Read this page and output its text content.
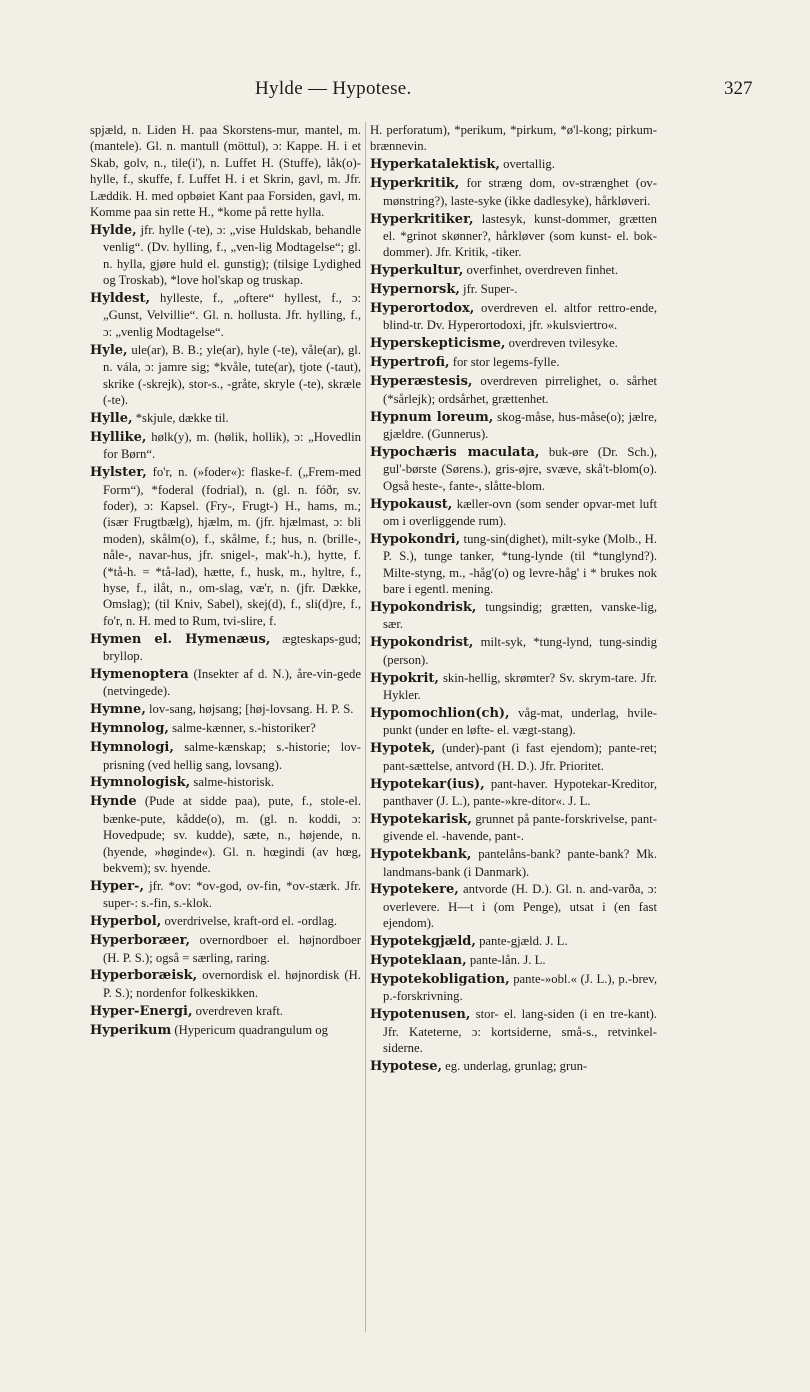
Hylde — Hypotese.	327

spjæld, n. Liden H. paa Skorstens-mur, mantel, m. (mantele). Gl. n. mantull (möttul), ɔ: Kappe. H. i et Skab, golv, n., tile(i'), n. Luffet H. (Stuffe), låk(o)-hylle, f., skuffe, f. Luffet H. i et Skrin, gavl, m. Jfr. Læddik. H. med opbøiet Kant paa Forsiden, gavl, m. Komme paa sin rette H., *kome på rette hylla.

Hylde, jfr. hylle (-te), ɔ: „vise Huldskab, behandle venlig“. (Dv. hylling, f., „ven-lig Modtagelse“; gl. n. hylla, gjøre huld el. gunstig); (tilsige Lydighed og Troskab), *love hol'skap og truskap.

Hyldest, hylleste, f., „oftere“ hyllest, f., ɔ: „Gunst, Velvillie“. Gl. n. hollusta. Jfr. hylling, f., ɔ: „venlig Modtagelse“.

Hyle, ule(ar), B. B.; yle(ar), hyle (-te), våle(ar), gl. n. vála, ɔ: jamre sig; *kvåle, tute(ar), tjote (-taut), skrike (-skrejk), stor-s., -gråte, skryle (-te), skræle (-te).

Hylle, *skjule, dække til.

Hyllike, hølk(y), m. (hølik, hollik), ɔ: „Hovedlin for Børn“.

Hylster, fo'r, n. (»foder«): flaske-f. („Frem-med Form“), *foderal (fodrial), n. (gl. n. fóðr, sv. foder), ɔ: Kapsel. (Fry-, Frugt-) H., hams, m.; (især Frugtbælg), hjælm, m. (jfr. hjælmast, ɔ: bli moden), skålm(o), f., skålme, f.; hus, n. (brille-, nåle-, navar-hus, jfr. snigel-, mak'-h.), hytte, f. (*tå-h. = *tå-lad), hætte, f., husk, m., hyltre, f., hyse, f., ilåt, n., om-slag, væ'r, n. (jfr. Dække, Omslag); (til Kniv, Sabel), skej(d), f., sli(d)re, f., fo'r, n. H. med to Rum, tvi-slire, f.

Hymen el. Hymenæus, ægteskaps-gud; bryllop.

Hymenoptera (Insekter af d. N.), åre-vin-gede (netvingede).

Hymne, lov-sang, højsang; [høj-lovsang. H. P. S.

Hymnolog, salme-kænner, s.-historiker?

Hymnologi, salme-kænskap; s.-historie; lov-prisning (ved hellig sang, lovsang).

Hymnologisk, salme-historisk.

Hynde (Pude at sidde paa), pute, f., stole-el. bænke-pute, kådde(o), m. (gl. n. koddi, ɔ: Hovedpude; sv. kudde), sæte, n., højende, n. (hyende, »høginde«). Gl. n. hœgindi (av hœg, bekvem); sv. hyende.

Hyper-, jfr. *ov: *ov-god, ov-fin, *ov-stærk. Jfr. super-: s.-fin, s.-klok.

Hyperbol, overdrivelse, kraft-ord el. -ordlag.

Hyperboræer, overnordboer el. højnordboer (H. P. S.); også = særling, raring.

Hyperboræisk, overnordisk el. højnordisk (H. P. S.); nordenfor folkeskikken.

Hyper-Energi, overdreven kraft.

Hyperikum (Hypericum quadrangulum og

H. perforatum), *perikum, *pirkum, *ø'l-kong; pirkum-brænnevin.

Hyperkatalektisk, overtallig.

Hyperkritik, for stræng dom, ov-strænghet (ov-mønstring?), laste-syke (ikke dadlesyke), hårkløveri.

Hyperkritiker, lastesyk, kunst-dommer, grætten el. *grinot skønner?, hårkløver (som kunst- el. bok-dommer). Jfr. Kritik, -tiker.

Hyperkultur, overfinhet, overdreven finhet.

Hypernorsk, jfr. Super-.

Hyperortodox, overdreven el. altfor rettro-ende, blind-tr. Dv. Hyperortodoxi, jfr. »kulsviertro«.

Hyperskepticisme, overdreven tvilesyke.

Hypertrofi, for stor legems-fylle.

Hyperæstesis, overdreven pirrelighet, o. sårhet (*sårlejk); ordsårhet, grættenhet.

Hypnum loreum, skog-måse, hus-måse(o); jælre, gjældre. (Gunnerus).

Hypochæris maculata, buk-øre (Dr. Sch.), gul'-børste (Sørens.), gris-øjre, svæve, skå't-blom(o). Også heste-, fante-, slåtte-blom.

Hypokaust, kæller-ovn (som sender opvar-met luft om i overliggende rum).

Hypokondri, tung-sin(dighet), milt-syke (Molb., H. P. S.), tunge tanker, *tung-lynde (til *tunglynd?). Milte-styng, m., -håg'(o) og levre-håg' i * brukes nok bare i egentl. mening.

Hypokondrisk, tungsindig; grætten, vanske-lig, sær.

Hypokondrist, milt-syk, *tung-lynd, tung-sindig (person).

Hypokrit, skin-hellig, skrømter? Sv. skrym-tare. Jfr. Hykler.

Hypomochlion(ch), våg-mat, underlag, hvile-punkt (under en løfte- el. vægt-stang).

Hypotek, (under)-pant (i fast ejendom); pante-ret; pant-sættelse, antvord (H. D.). Jfr. Prioritet.

Hypotekar(ius), pant-haver. Hypotekar-Kreditor, panthaver (J. L.), pante-»kre-ditor«. J. L.

Hypotekarisk, grunnet på pante-forskrivelse, pant-givende el. -havende, pant-.

Hypotekbank, pantelåns-bank? pante-bank? Mk. landmans-bank (i Danmark).

Hypotekere, antvorde (H. D.). Gl. n. and-varða, ɔ: overlevere. H—t i (om Penge), utsat i (en fast ejendom).

Hypotekgjæld, pante-gjæld. J. L.

Hypoteklaan, pante-lån. J. L.

Hypotekobligation, pante-»obl.« (J. L.), p.-brev, p.-forskrivning.

Hypotenusen, stor- el. lang-siden (i en tre-kant). Jfr. Kateterne, ɔ: kortsiderne, små-s., retvinkel-siderne.

Hypotese, eg. underlag, grunlag; grun-
